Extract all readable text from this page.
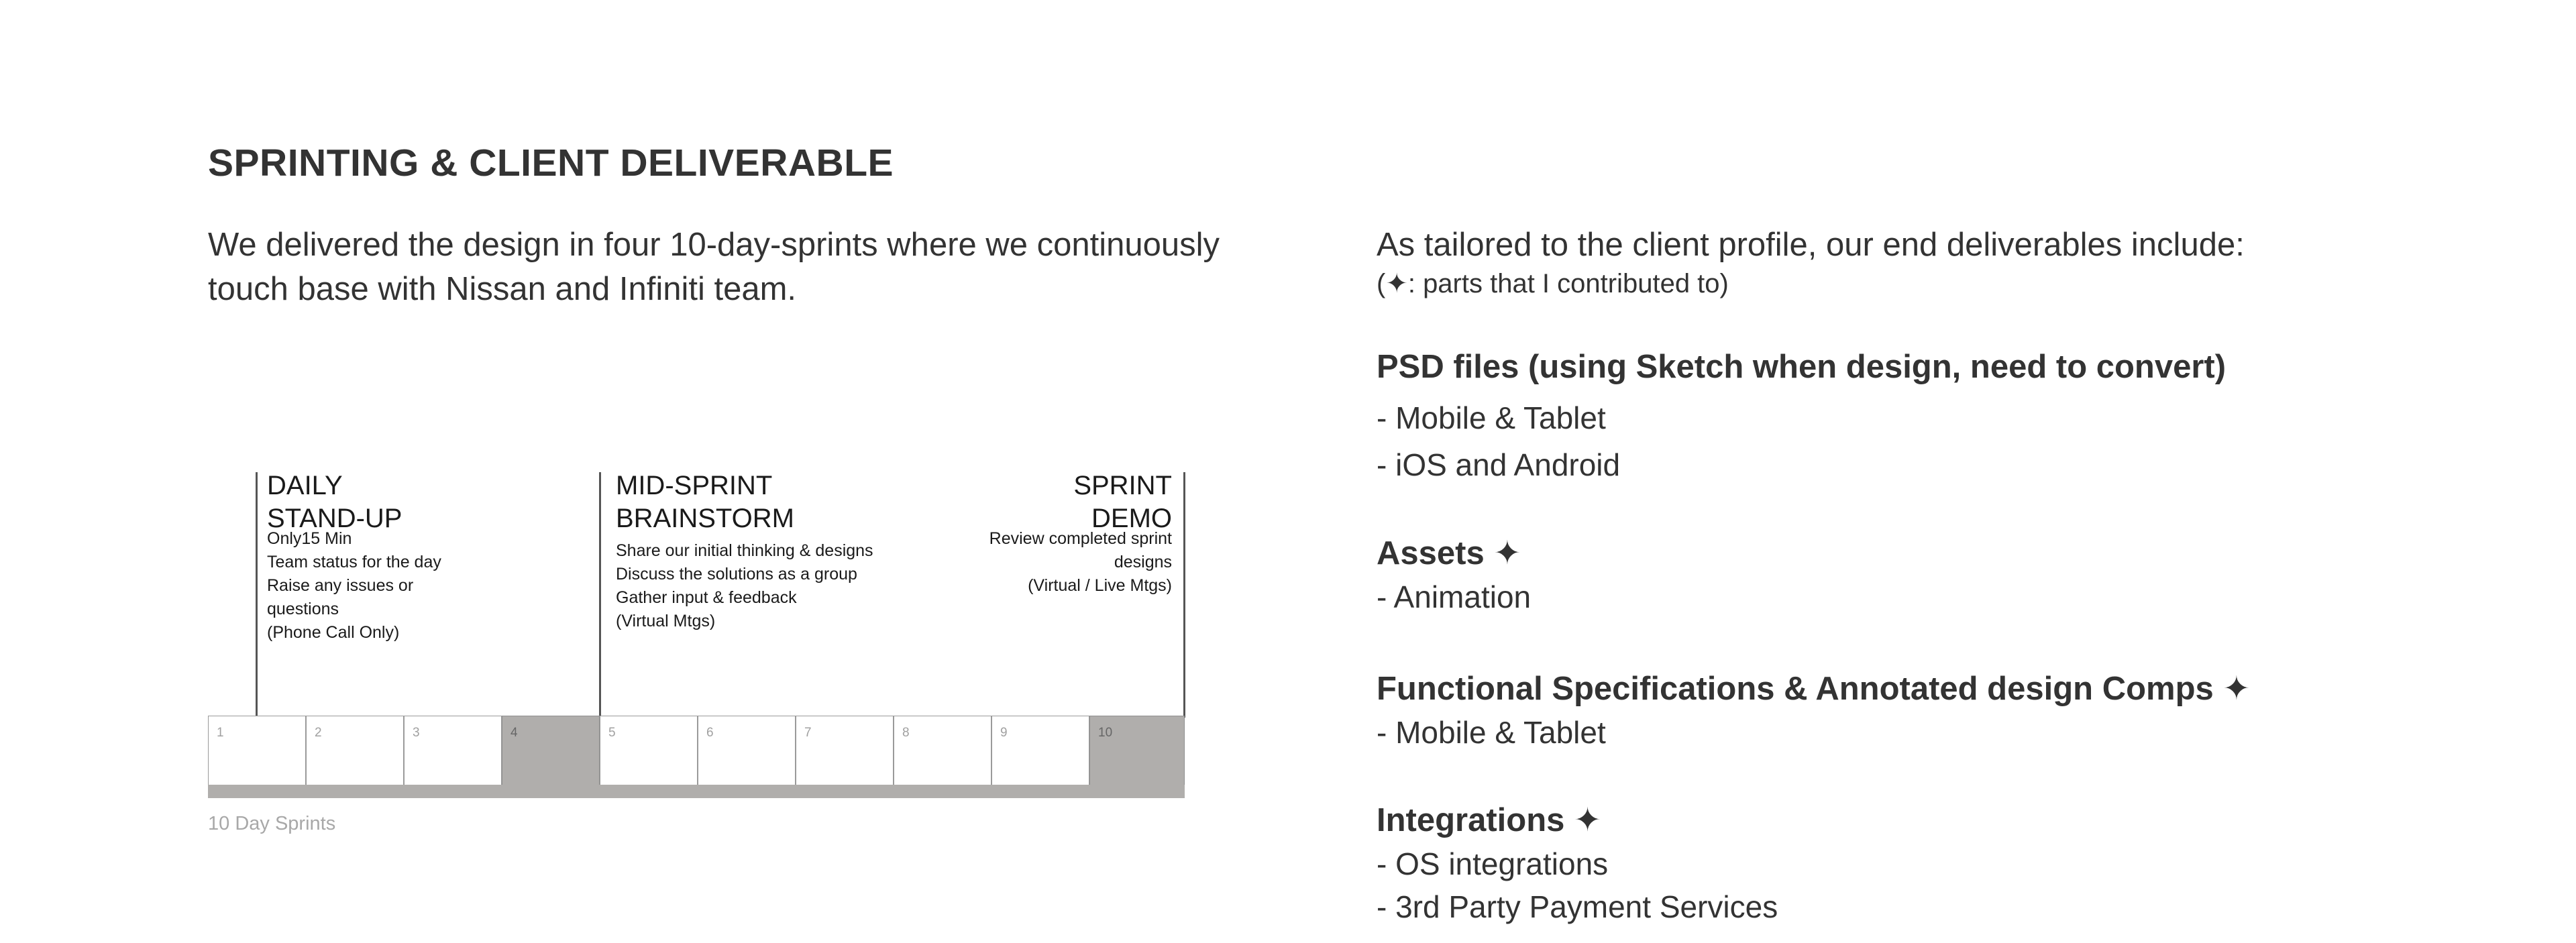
SPRINTING & CLIENT DELIVERABLE
We delivered the design in four 10-day-sprints where we continuously touch base with Nissan and Infiniti team.
DAILY
STAND-UP
Only15 Min
Team status for the day
Raise any issues or
questions
(Phone Call Only)
MID-SPRINT
BRAINSTORM
Share our initial thinking & designs
Discuss the solutions as a group
Gather input & feedback
(Virtual Mtgs)
SPRINT
DEMO
Review completed sprint
designs
(Virtual / Live Mtgs)
1	2	3	4	5	6	7	8	9	10
10 Day Sprints
As tailored to the client profile, our end deliverables include:
(✦: parts that I contributed to)
PSD files (using Sketch when design, need to convert)
- Mobile & Tablet
- iOS and Android
Assets ✦
- Animation
Functional Specifications & Annotated design Comps ✦
- Mobile & Tablet
Integrations ✦
- OS integrations
- 3rd Party Payment Services
